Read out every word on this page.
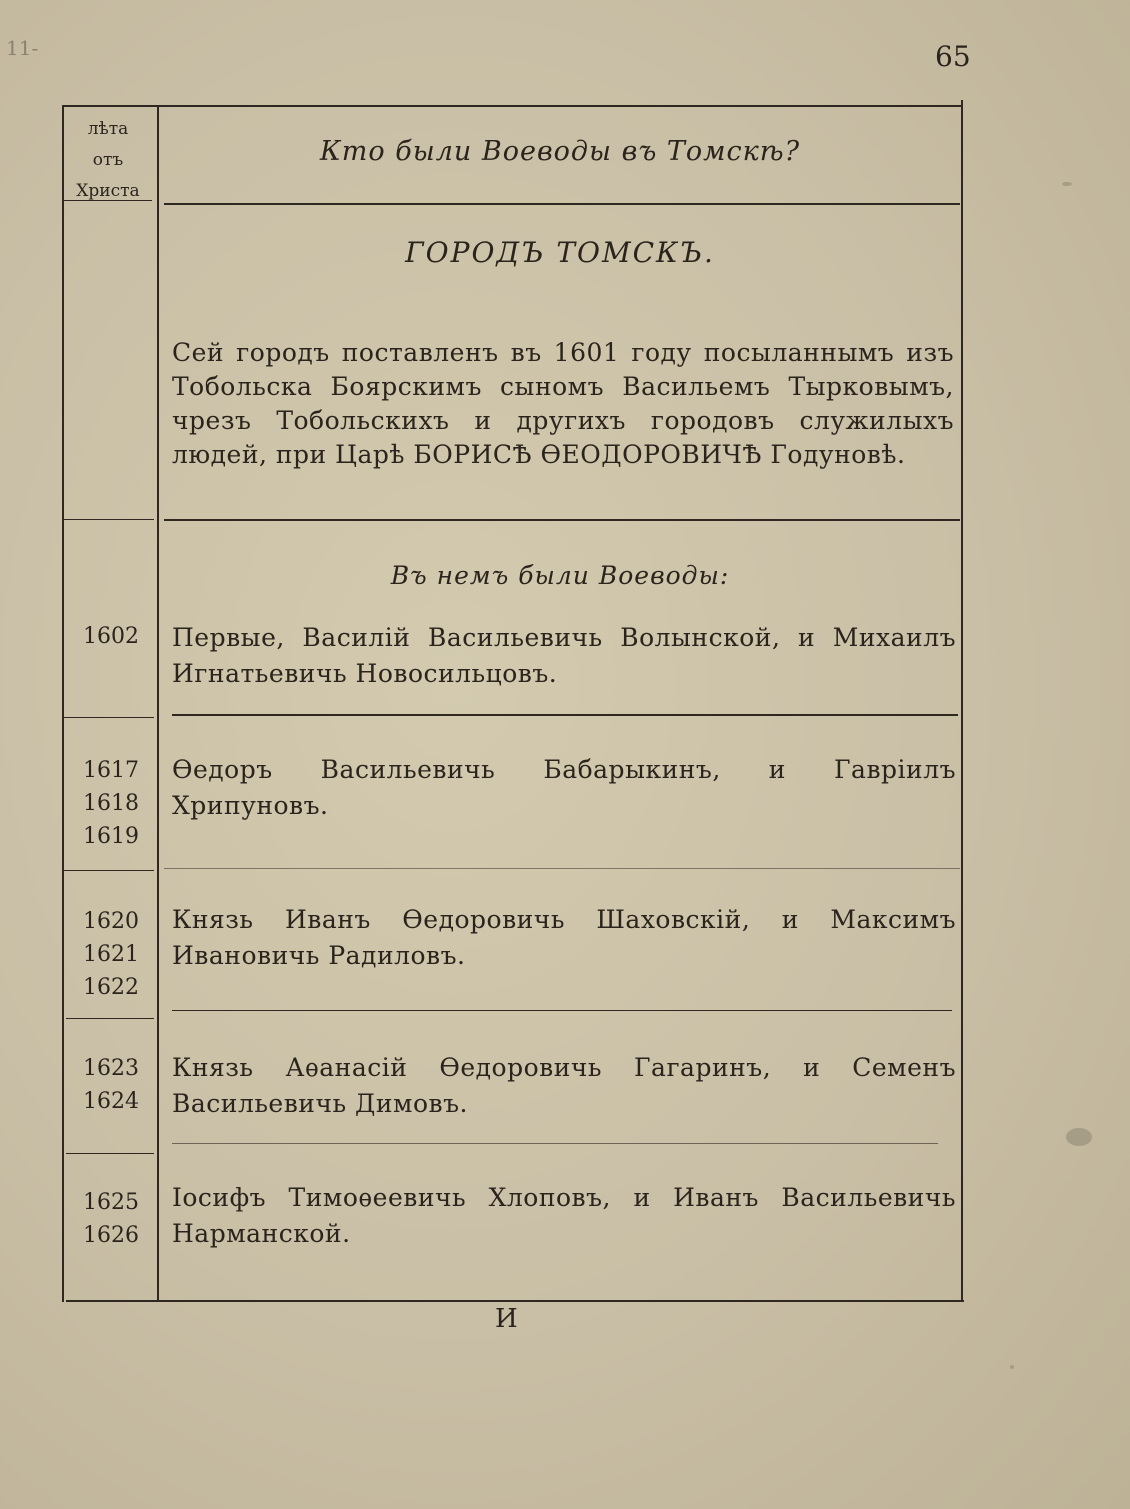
11-	65
лѣта
отъ
Христа
Кто были Воеводы въ Томскѣ?
ГОРОДЪ ТОМСКЪ.
Сей городъ поставленъ въ 1601 году посыланнымъ изъ Тобольска Боярскимъ сыномъ Васильемъ Тырковымъ, чрезъ Тобольскихъ и другихъ городовъ служилыхъ людей, при Царѣ БОРИСѢ ѲЕОДОРОВИЧѢ Годуновѣ.
Въ немъ были Воеводы:
1602	Первые, Василій Васильевичь Волынской, и Михаилъ Игнатьевичь Новосильцовъ.
1617
1618
1619
Ѳедоръ Васильевичь Бабарыкинъ, и Гавріилъ Хрипуновъ.
1620
1621
1622
Князь Иванъ Ѳедоровичь Шаховскій, и Максимъ Ивановичь Радиловъ.
1623
1624
Князь Аѳанасій Ѳедоровичь Гагаринъ, и Семенъ Васильевичь Димовъ.
1625
1626
Іосифъ Тимоѳеевичь Хлоповъ, и Иванъ Васильевичь Нарманской.
И
